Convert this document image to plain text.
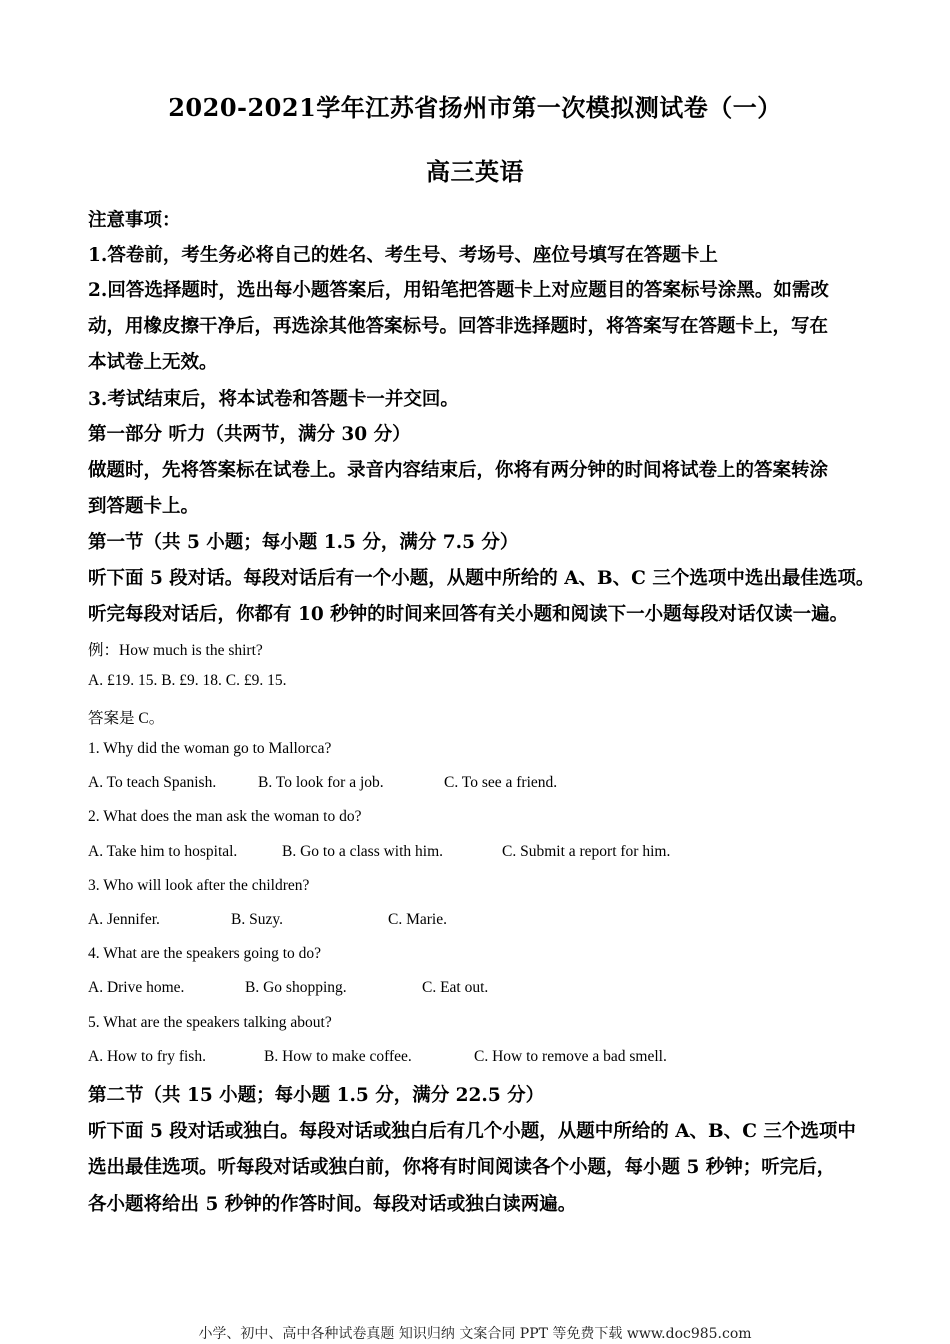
2020-2021学年江苏省扬州市第一次模拟测试卷（一）
高三英语
注意事项：
1.答卷前，考生务必将自己的姓名、考生号、考场号、座位号填写在答题卡上
2.回答选择题时，选出每小题答案后，用铅笔把答题卡上对应题目的答案标号涂黑。如需改
动，用橡皮擦干净后，再选涂其他答案标号。回答非选择题时，将答案写在答题卡上，写在
本试卷上无效。
3.考试结束后，将本试卷和答题卡一并交回。
第一部分 听力（共两节，满分 30 分）
做题时，先将答案标在试卷上。录音内容结束后，你将有两分钟的时间将试卷上的答案转涂
到答题卡上。
第一节（共 5 小题；每小题 1.5 分，满分 7.5 分）
听下面 5 段对话。每段对话后有一个小题，从题中所给的 A、B、C 三个选项中选出最佳选项。
听完每段对话后，你都有 10 秒钟的时间来回答有关小题和阅读下一小题每段对话仅读一遍。
例：How much is the shirt?
A. £19. 15. B. £9. 18. C. £9. 15.
答案是 C。
1. Why did the woman go to Mallorca?
A. To teach Spanish.	B. To look for a job.	C. To see a friend.
2. What does the man ask the woman to do?
A. Take him to hospital.	B. Go to a class with him.	C. Submit a report for him.
3. Who will look after the children?
A. Jennifer.	B. Suzy.	C. Marie.
4. What are the speakers going to do?
A. Drive home.	B. Go shopping.	C. Eat out.
5. What are the speakers talking about?
A. How to fry fish.	B. How to make coffee.	C. How to remove a bad smell.
第二节（共 15 小题；每小题 1.5 分，满分 22.5 分）
听下面 5 段对话或独白。每段对话或独白后有几个小题，从题中所给的 A、B、C 三个选项中
选出最佳选项。听每段对话或独白前，你将有时间阅读各个小题，每小题 5 秒钟；听完后，
各小题将给出 5 秒钟的作答时间。每段对话或独白读两遍。
小学、初中、高中各种试卷真题 知识归纳 文案合同 PPT 等免费下载 www.doc985.com
